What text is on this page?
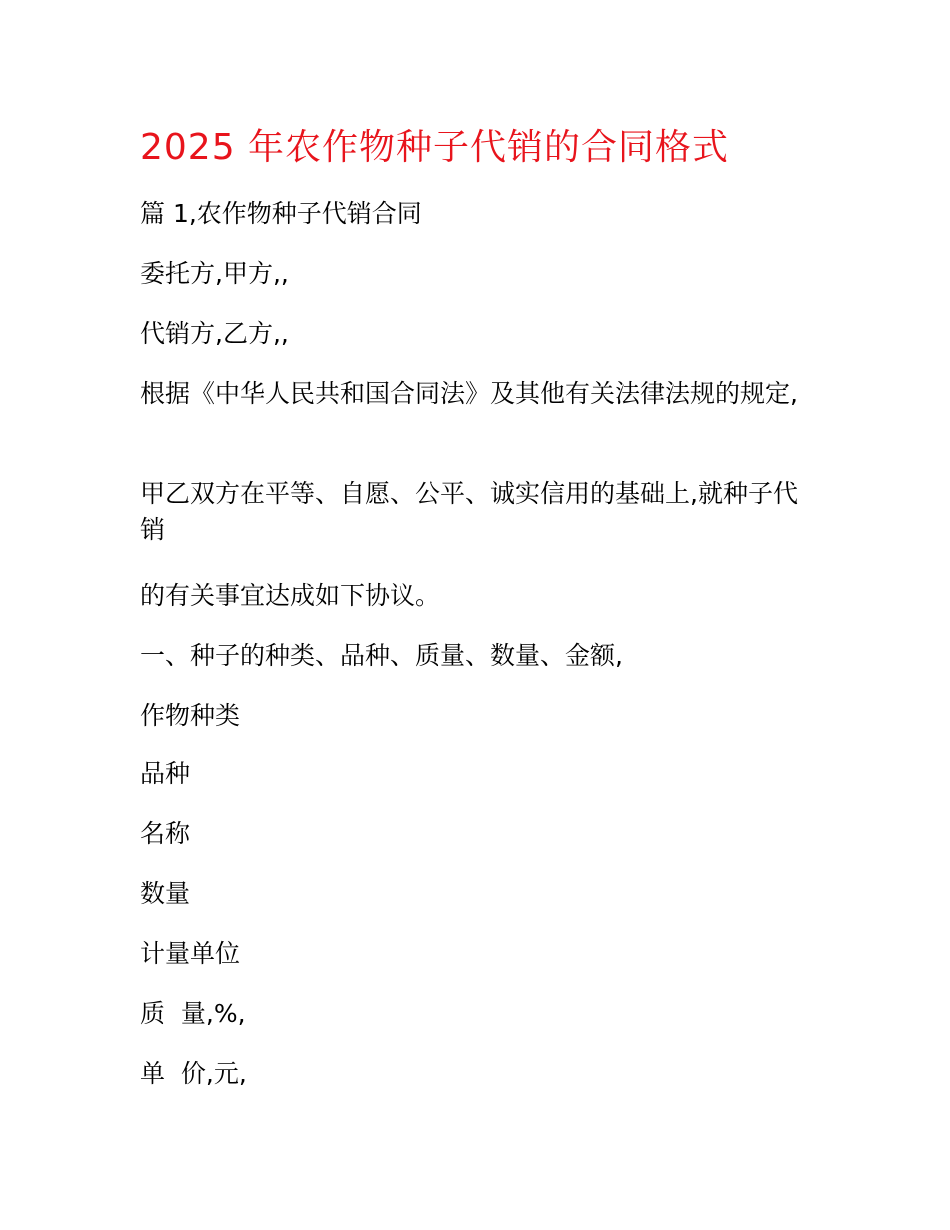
2025 年农作物种子代销的合同格式

篇 1,农作物种子代销合同

委托方,甲方,,

代销方,乙方,,

根据《中华人民共和国合同法》及其他有关法律法规的规定,

甲乙双方在平等、自愿、公平、诚实信用的基础上,就种子代销

的有关事宜达成如下协议。

一、种子的种类、品种、质量、数量、金额,

作物种类

品种

名称

数量

计量单位

质  量,%,

单  价,元,
